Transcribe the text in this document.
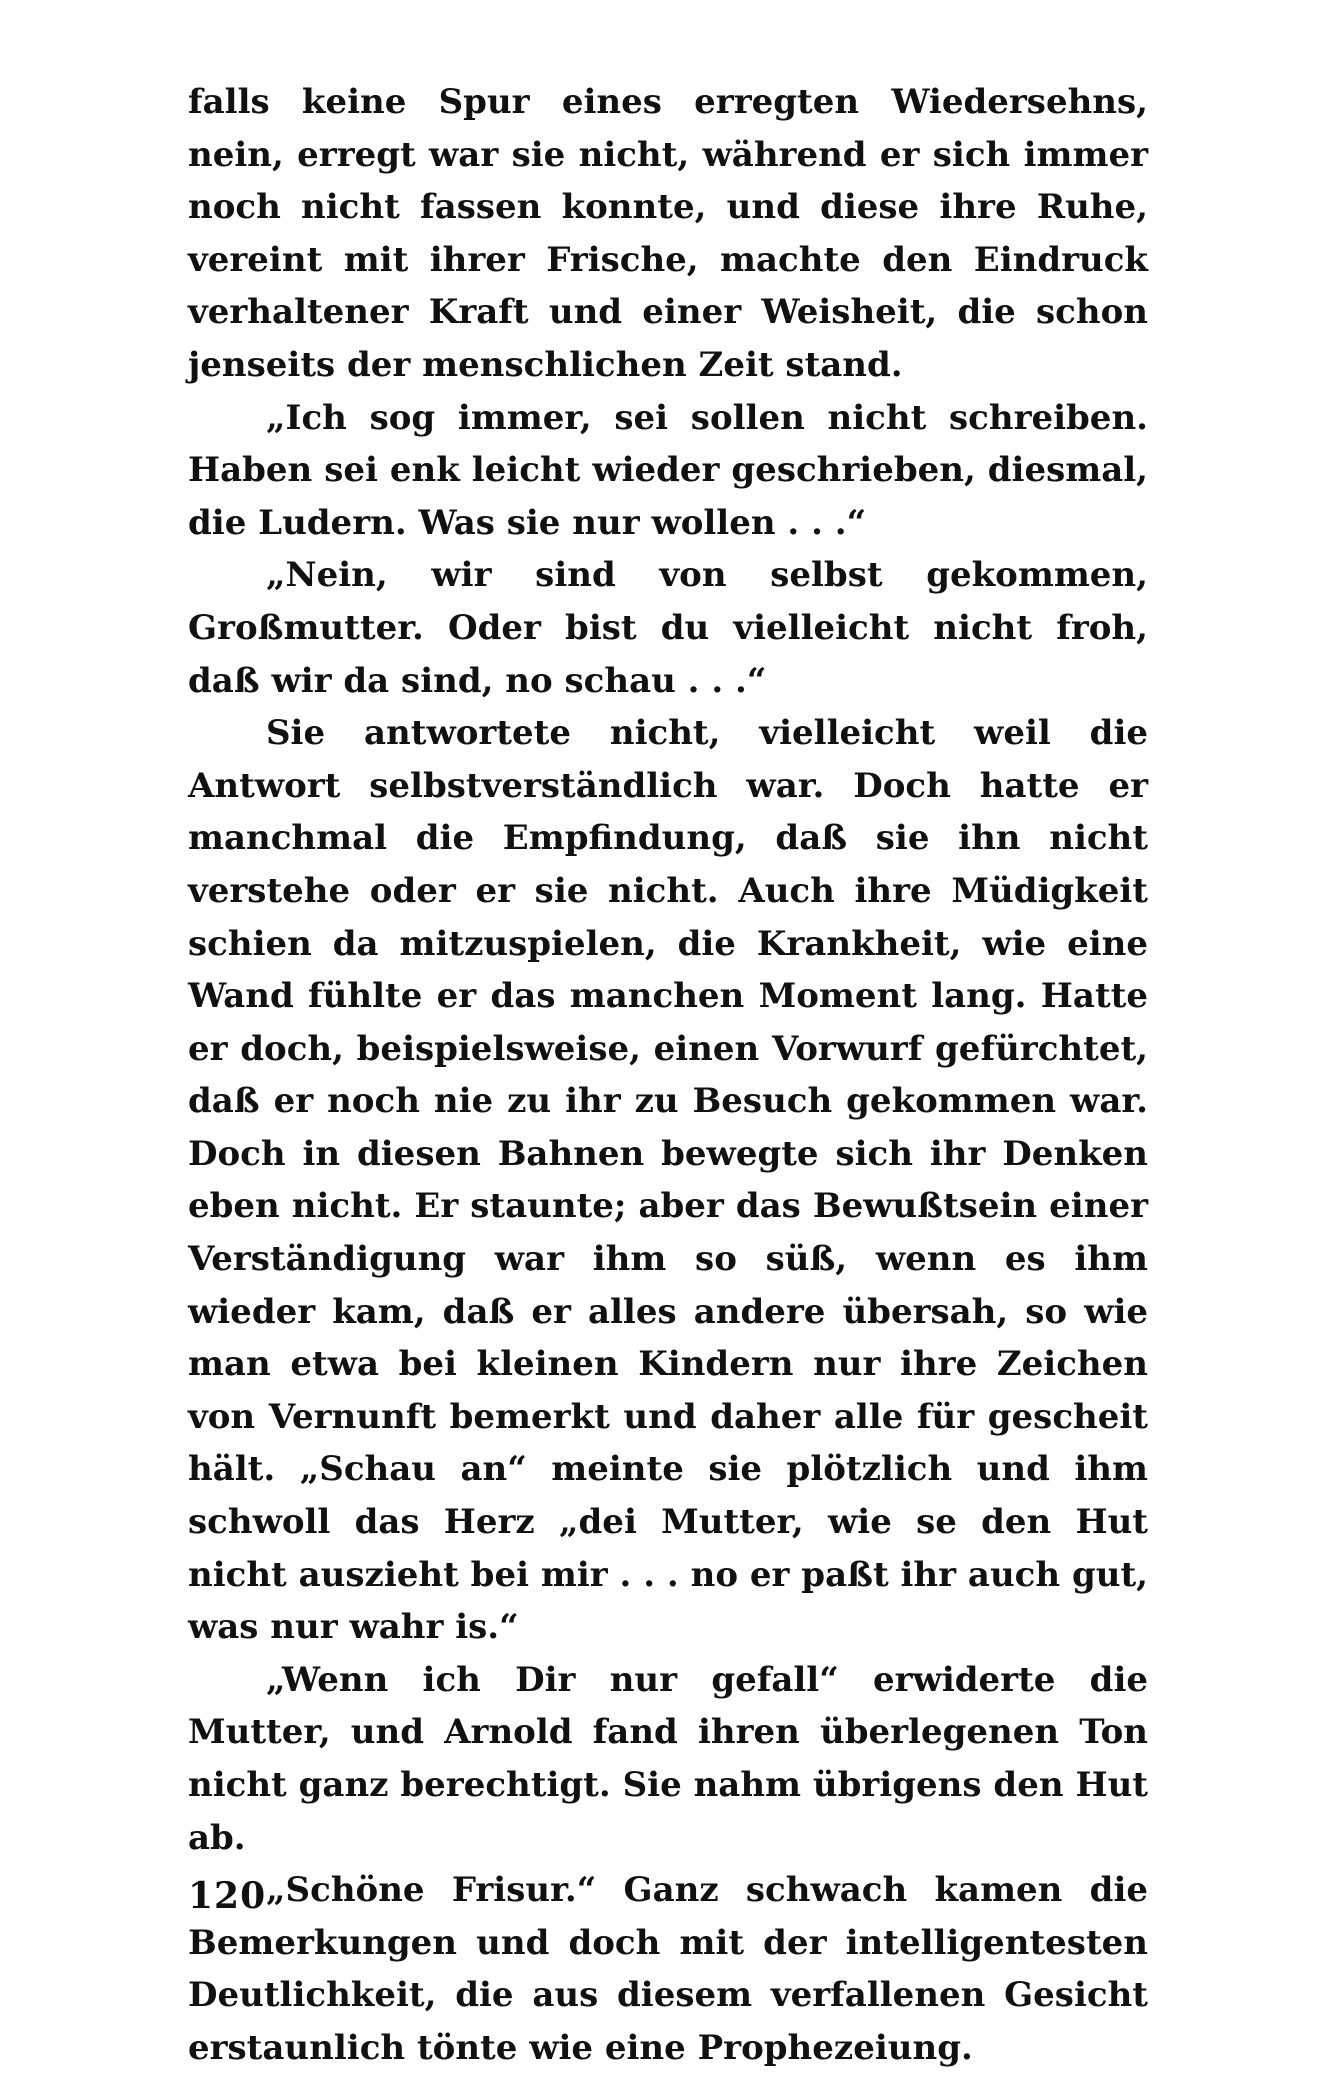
falls keine Spur eines erregten Wiedersehns, nein, erregt war sie nicht, während er sich immer noch nicht fassen konnte, und diese ihre Ruhe, vereint mit ihrer Frische, machte den Eindruck verhaltener Kraft und einer Weisheit, die schon jenseits der menschlichen Zeit stand.

„Ich sog immer, sei sollen nicht schreiben. Haben sei enk leicht wieder geschrieben, diesmal, die Ludern. Was sie nur wollen . . .“

„Nein, wir sind von selbst gekommen, Großmutter. Oder bist du vielleicht nicht froh, daß wir da sind, no schau . . .“

Sie antwortete nicht, vielleicht weil die Antwort selbstverständlich war. Doch hatte er manchmal die Empfindung, daß sie ihn nicht verstehe oder er sie nicht. Auch ihre Müdigkeit schien da mitzuspielen, die Krankheit, wie eine Wand fühlte er das manchen Moment lang. Hatte er doch, beispielsweise, einen Vorwurf gefürchtet, daß er noch nie zu ihr zu Besuch gekommen war. Doch in diesen Bahnen bewegte sich ihr Denken eben nicht. Er staunte; aber das Bewußtsein einer Verständigung war ihm so süß, wenn es ihm wieder kam, daß er alles andere übersah, so wie man etwa bei kleinen Kindern nur ihre Zeichen von Vernunft bemerkt und daher alle für gescheit hält. „Schau an“ meinte sie plötzlich und ihm schwoll das Herz „dei Mutter, wie se den Hut nicht auszieht bei mir . . . no er paßt ihr auch gut, was nur wahr is.“

„Wenn ich Dir nur gefall“ erwiderte die Mutter, und Arnold fand ihren überlegenen Ton nicht ganz berechtigt. Sie nahm übrigens den Hut ab.

„Schöne Frisur.“ Ganz schwach kamen die Bemerkungen und doch mit der intelligentesten Deutlichkeit, die aus diesem verfallenen Gesicht erstaunlich tönte wie eine Prophezeiung.

120
